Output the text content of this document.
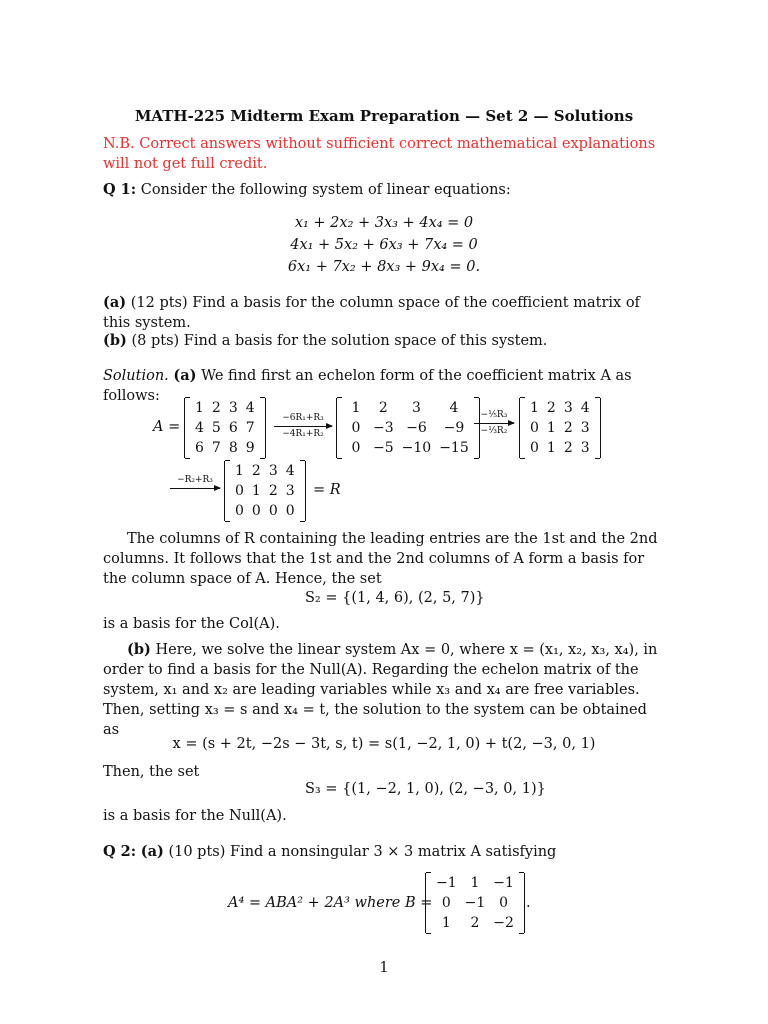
MATH-225 Midterm Exam Preparation — Set 2 — Solutions
N.B. Correct answers without sufficient correct mathematical explanations will not get full credit.
Q 1: Consider the following system of linear equations:
x₁ + 2x₂ + 3x₃ + 4x₄ = 0
4x₁ + 5x₂ + 6x₃ + 7x₄ = 0
6x₁ + 7x₂ + 8x₃ + 9x₄ = 0.
(a) (12 pts) Find a basis for the column space of the coefficient matrix of this system.
(b) (8 pts) Find a basis for the solution space of this system.
Solution. (a) We find first an echelon form of the coefficient matrix A as follows:
A =
1	2	3	4
4	5	6	7
6	7	8	9
−6R₁+R₃
−4R₁+R₂
1	2	3	4
0	−3	−6	−9
0	−5	−10	−15
−⅕R₃
−⅓R₂
1	2	3	4
0	1	2	3
0	1	2	3
−R₂+R₃
1	2	3	4
0	1	2	3
0	0	0	0
= R
The columns of R containing the leading entries are the 1st and the 2nd columns. It follows that the 1st and the 2nd columns of A form a basis for the column space of A. Hence, the set
S₂ = {(1, 4, 6), (2, 5, 7)}
is a basis for the Col(A).
(b) Here, we solve the linear system Ax = 0, where x = (x₁, x₂, x₃, x₄), in order to find a basis for the Null(A). Regarding the echelon matrix of the system, x₁ and x₂ are leading variables while x₃ and x₄ are free variables. Then, setting x₃ = s and x₄ = t, the solution to the system can be obtained as
x = (s + 2t, −2s − 3t, s, t) = s(1, −2, 1, 0) + t(2, −3, 0, 1)
Then, the set
S₃ = {(1, −2, 1, 0), (2, −3, 0, 1)}
is a basis for the Null(A).
Q 2: (a) (10 pts) Find a nonsingular 3 × 3 matrix A satisfying
A⁴ = ABA² + 2A³ where B =
−1	1	−1
0	−1	0
1	2	−2
.
1
